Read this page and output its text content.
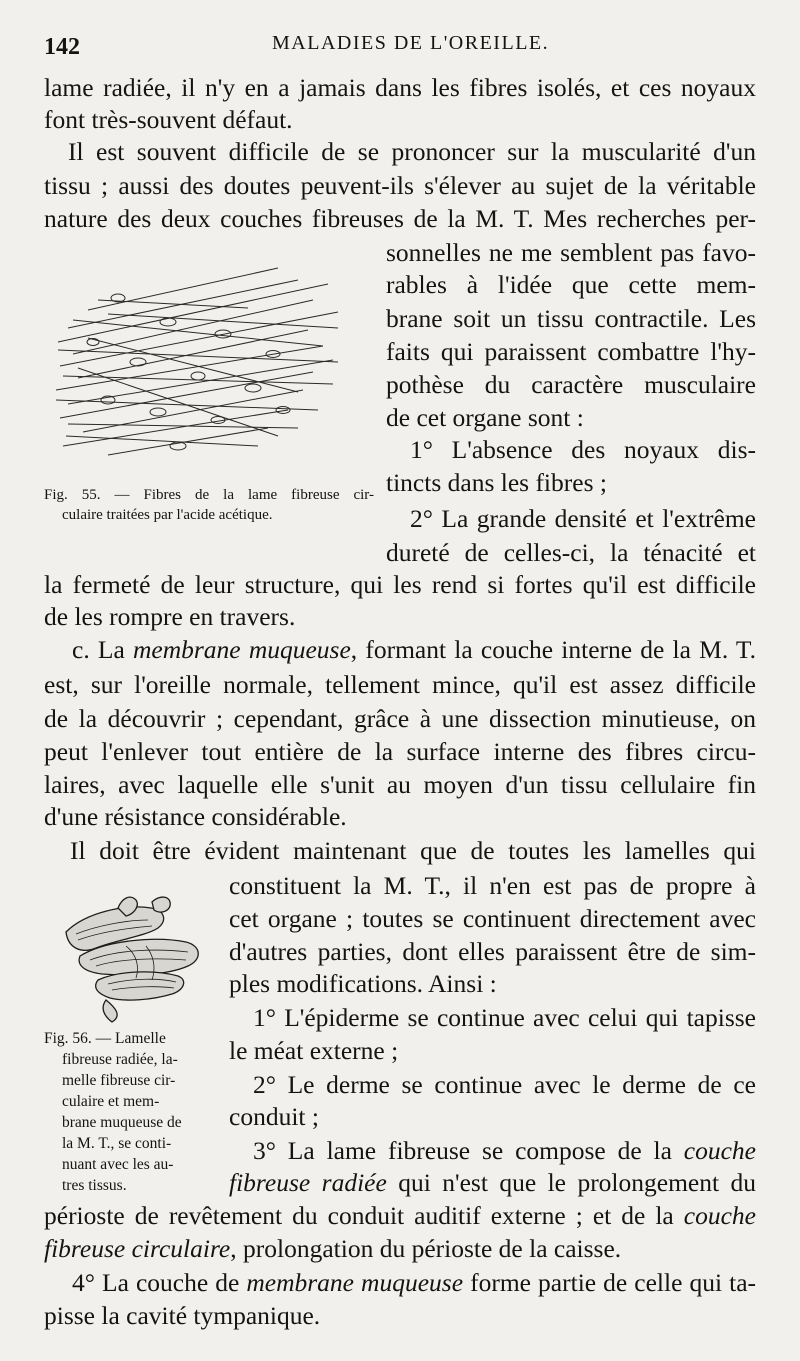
142	MALADIES DE L'OREILLE.
lame radiée, il n'y en a jamais dans les fibres isolés, et ces noyaux
font très-souvent défaut.
Il est souvent difficile de se prononcer sur la muscularité d'un
tissu ; aussi des doutes peuvent-ils s'élever au sujet de la véritable
nature des deux couches fibreuses de la M. T. Mes recherches per-
sonnelles ne me semblent pas favo-
rables à l'idée que cette mem-
brane soit un tissu contractile. Les
faits qui paraissent combattre l'hy-
pothèse du caractère musculaire
de cet organe sont :
1° L'absence des noyaux dis-
tincts dans les fibres ;
2° La grande densité et l'extrême
dureté de celles-ci, la ténacité et
la fermeté de leur structure, qui les rend si fortes qu'il est difficile
de les rompre en travers.
c. La membrane muqueuse, formant la couche interne de la M. T.
est, sur l'oreille normale, tellement mince, qu'il est assez difficile
de la découvrir ; cependant, grâce à une dissection minutieuse, on
peut l'enlever tout entière de la surface interne des fibres circu-
laires, avec laquelle elle s'unit au moyen d'un tissu cellulaire fin
d'une résistance considérable.
Il doit être évident maintenant que de toutes les lamelles qui
constituent la M. T., il n'en est pas de propre à
cet organe ; toutes se continuent directement avec
d'autres parties, dont elles paraissent être de sim-
ples modifications. Ainsi :
1° L'épiderme se continue avec celui qui tapisse
le méat externe ;
2° Le derme se continue avec le derme de ce
conduit ;
3° La lame fibreuse se compose de la couche
fibreuse radiée qui n'est que le prolongement du
périoste de revêtement du conduit auditif externe ; et de la couche
fibreuse circulaire, prolongation du périoste de la caisse.
4° La couche de membrane muqueuse forme partie de celle qui ta-
pisse la cavité tympanique.
Fig. 55. — Fibres de la lame fibreuse cir-
culaire traitées par l'acide acétique.
Fig. 56. — Lamelle
fibreuse radiée, la-
melle fibreuse cir-
culaire et mem-
brane muqueuse de
la M. T., se conti-
nuant avec les au-
tres tissus.
